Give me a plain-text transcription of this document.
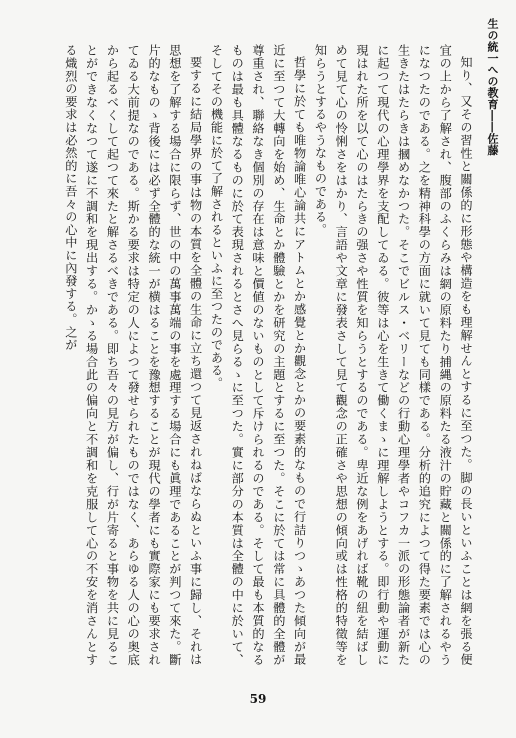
生の統一への教育――佐藤

知り、又その習性と關係的に形態や構造をも理解せんとするに至つた。脚の長いといふことは網を張る便宜の上から了解され、腹部のふくらみは網の原料たり捕縄の原料たる液汁の貯藏と關係的に了解されるやうになつたのである。之を精神科學の方面に就いて見ても同樣である。分析的追究によつて得た要素では心の生きたはたらきは摑めなかつた。そこでビルス・ベリーなどの行動心理學者やコフカ一派の形態論者が新たに起つて現代の心理學界を支配してゐる。彼等は心を生きて働くまゝに理解しようとする。即行動や運動に現はれた所を以て心のはたらきの强さや性質を知らうとするのである。卑近な例をあげれば靴の紐を結ばしめて見て心の怜悧さをはかり、言語や文章に發表さして見て觀念の正確さや思想の傾向或は性格的特徵等を知らうとするやうなものである。

哲學に於ても唯物論唯心論共にアトムとか感覺とか觀念とかの要素的なもので行詰りつゝあつた傾向が最近に至つて大轉向を始め、生命とか體驗とかを研究の主題とするに至つた。そこに於ては常に具體的全體が尊重され、聯絡なき個別の存在は意味と價値のないものとして斥けられるのである。そして最も本質的なるものは最も具體なるものに於て表現されるとさへ見らるゝに至つた。實に部分の本質は全體の中に於いて、そしてその機能に於て了解されるといふに至つたのである。

要するに結局學界の事は物の本質を全體の生命に立ち還つて見返されねばならぬといふ事に歸し、それは思想を了解する場合に限らず、世の中の萬事萬端の事を處理する場合にも眞理であることが判つて來た。斷片的なものゝ背後には必ず全體的な統一が横はることを豫想することが現代の學者にも實際家にも要求されてゐる大前提なのである。斯かる要求は特定の人によつて發せられたものではなく、あらゆる人の心の奥底から起るべくして起つて來たと解さるべきである。即ち吾々の見方が偏し、行が片寄ると事物を共に見ることができなくなつて遂に不調和を現出する。かゝる場合此の偏向と不調和を克服して心の不安を消さんとする熾烈の要求は必然的に吾々の心中に內發する。之が

59
